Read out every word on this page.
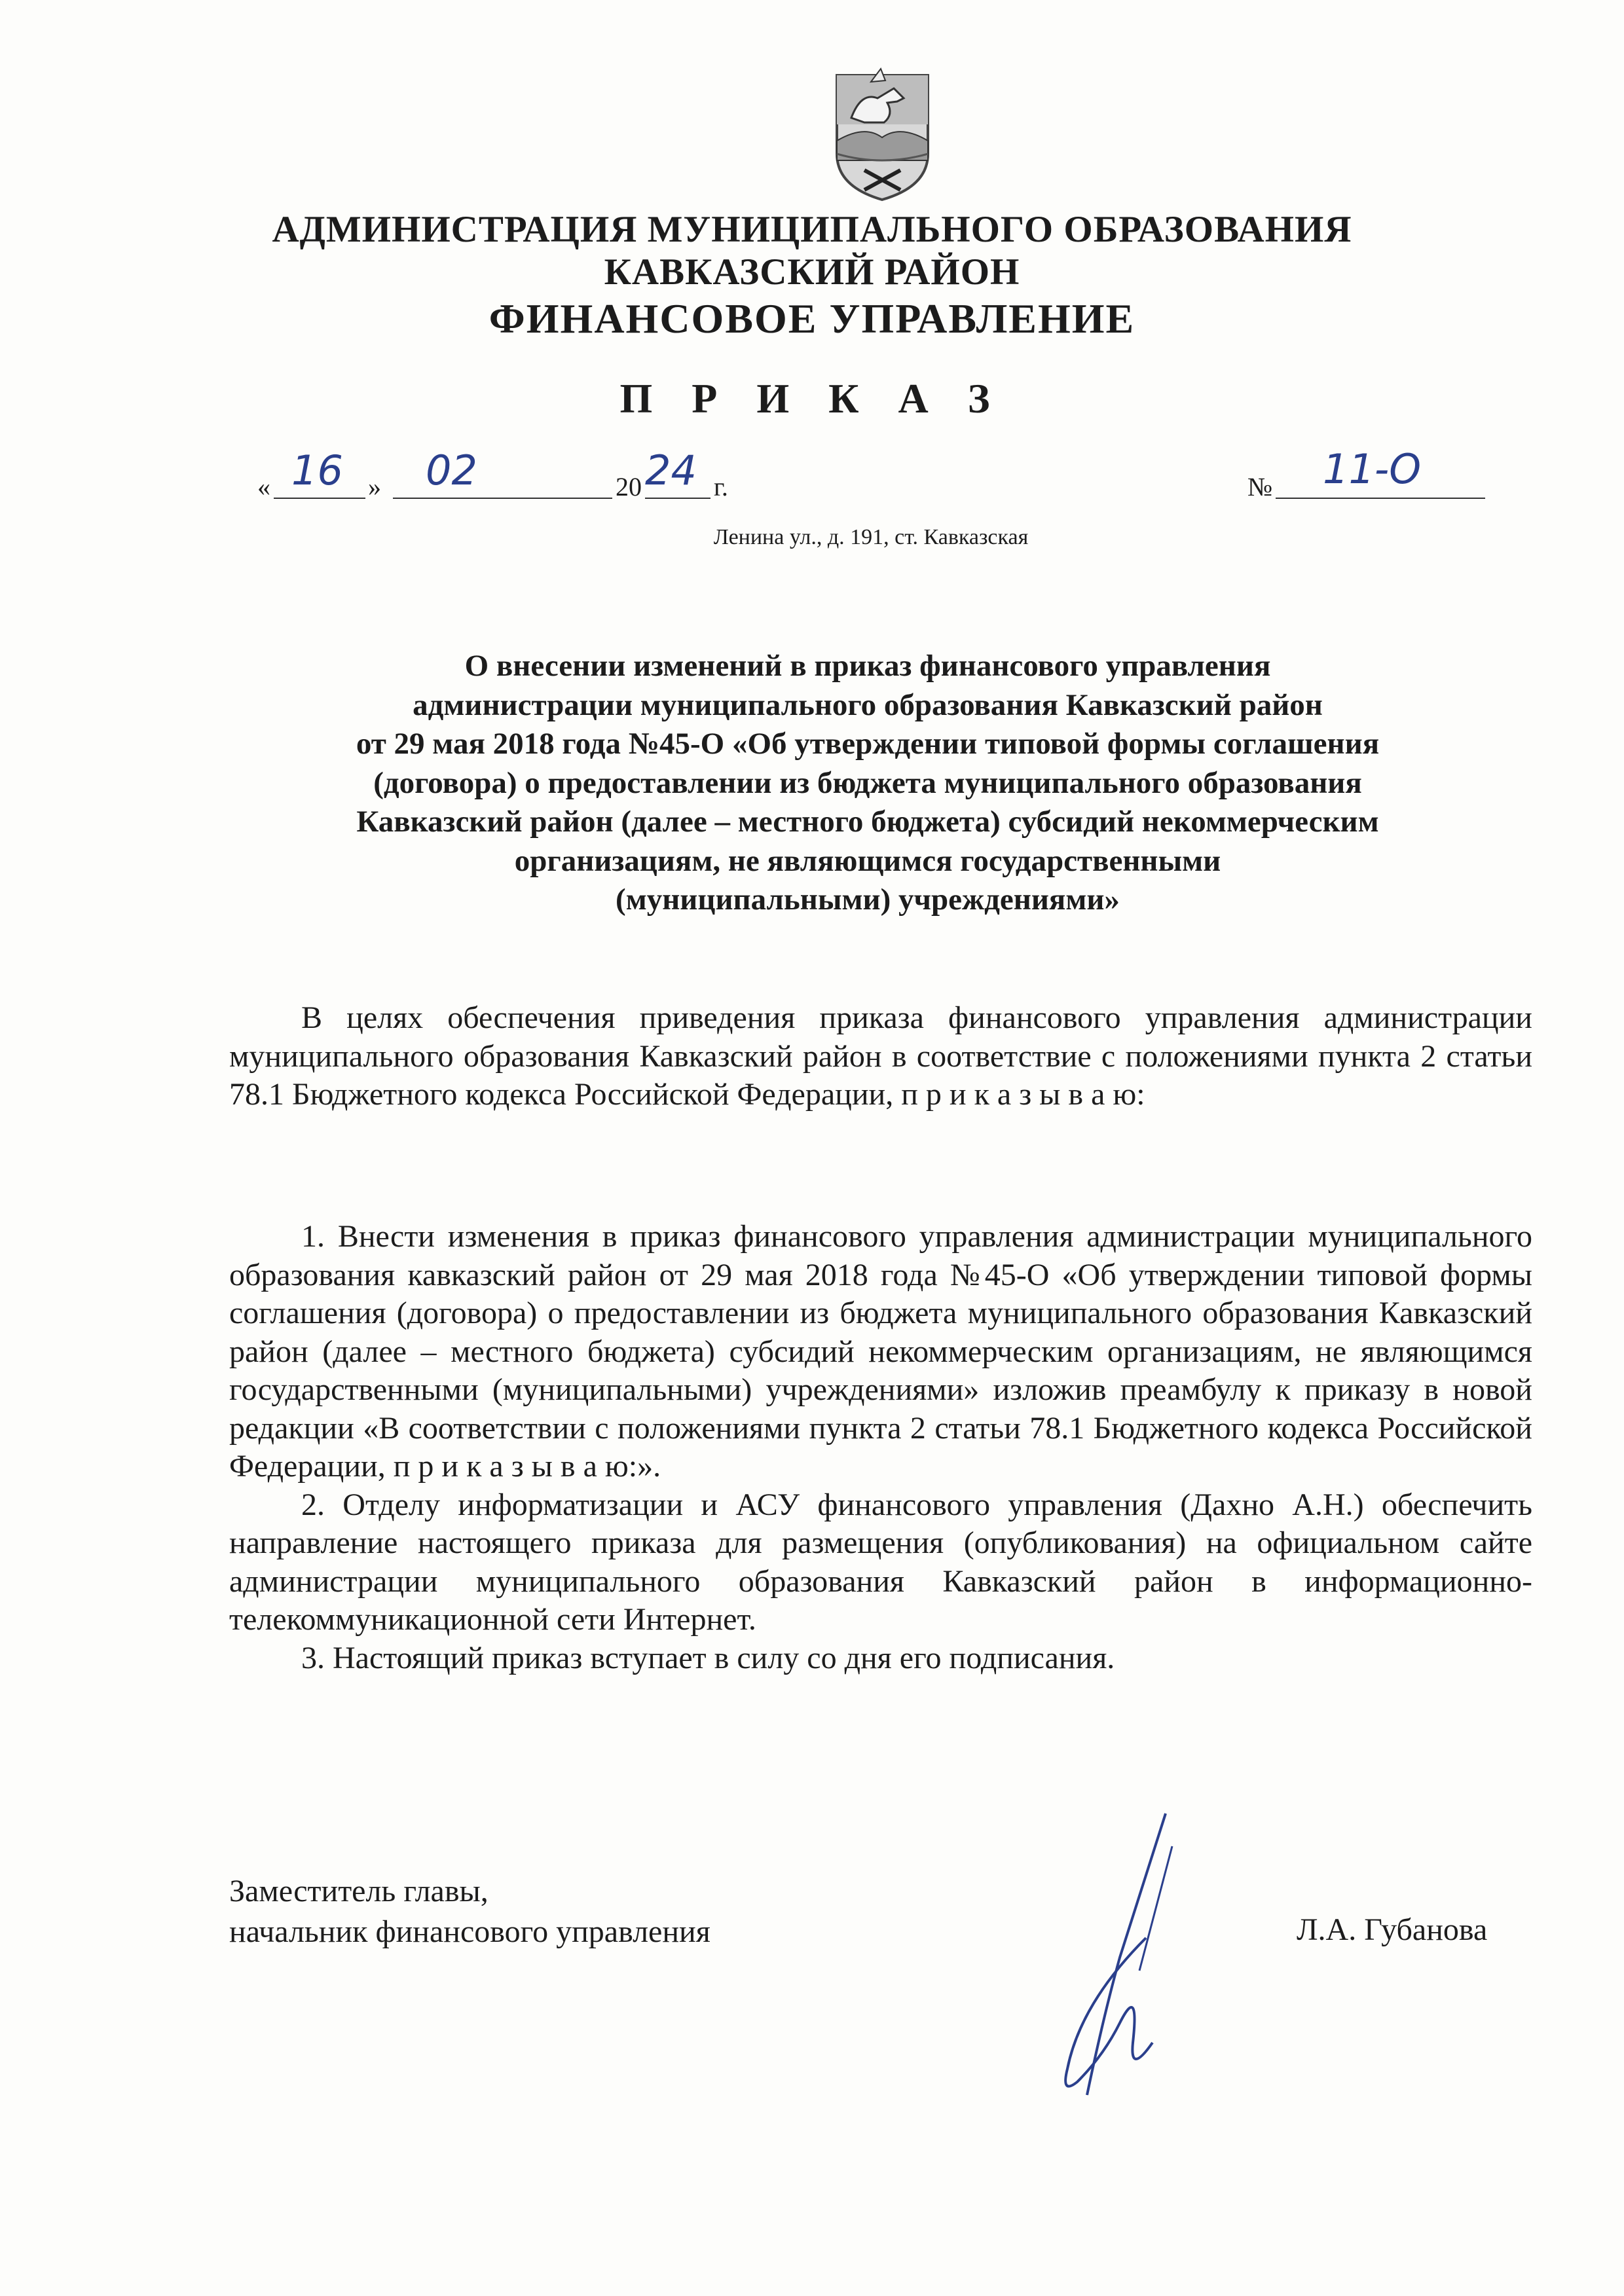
АДМИНИСТРАЦИЯ МУНИЦИПАЛЬНОГО ОБРАЗОВАНИЯ
КАВКАЗСКИЙ РАЙОН
ФИНАНСОВОЕ УПРАВЛЕНИЕ
П Р И К А З
« 16 » 02	20 24 г.	№ 11-О
Ленина ул., д. 191, ст. Кавказская
О внесении изменений в приказ финансового управления
администрации муниципального образования Кавказский район
от 29 мая 2018 года №45-О «Об утверждении типовой формы соглашения
(договора) о предоставлении из бюджета муниципального образования
Кавказский район (далее – местного бюджета) субсидий некоммерческим
организациям, не являющимся государственными
(муниципальными) учреждениями»

В целях обеспечения приведения приказа финансового управления администрации муниципального образования Кавказский район в соответствие с положениями пункта 2 статьи 78.1 Бюджетного кодекса Российской Федерации, п р и к а з ы в а ю:

1. Внести изменения в приказ финансового управления администрации муниципального образования кавказский район от 29 мая 2018 года №45-О «Об утверждении типовой формы соглашения (договора) о предоставлении из бюджета муниципального образования Кавказский район (далее – местного бюджета) субсидий некоммерческим организациям, не являющимся государственными (муниципальными) учреждениями» изложив преамбулу к приказу в новой редакции «В соответствии с положениями пункта 2 статьи 78.1 Бюджетного кодекса Российской Федерации, п р и к а з ы в а ю:».

2. Отделу информатизации и АСУ финансового управления (Дахно А.Н.) обеспечить направление настоящего приказа для размещения (опубликования) на официальном сайте администрации муниципального образования Кавказский район в информационно-телекоммуникационной сети Интернет.

3. Настоящий приказ вступает в силу со дня его подписания.

Заместитель главы,
начальник финансового управления	Л.А. Губанова
